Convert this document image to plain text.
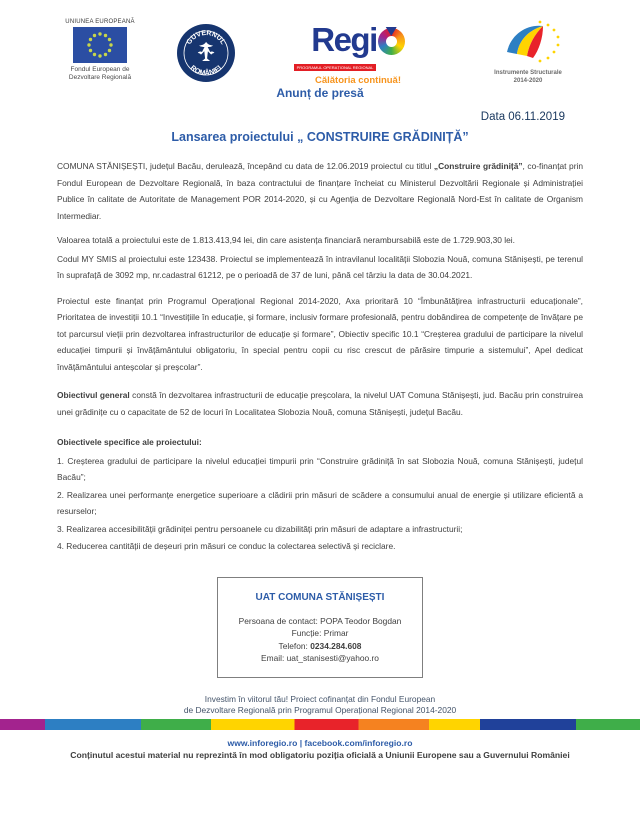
UNIUNEA EUROPEANĂ
Fondul European de
Dezvoltare Regională
GUVERNUL
ROMÂNIEI
Regi
PROGRAMUL OPERAȚIONAL REGIONAL
Călătoria continuă!
Instrumente Structurale
2014-2020
Anunț de presă
Data 06.11.2019
Lansarea proiectului „ CONSTRUIRE GRĂDINIȚĂ”

COMUNA STĂNIȘEȘTI, județul Bacău, derulează, începând cu data de 12.06.2019 proiectul cu titlul „Construire grădiniță”, co-finanțat prin Fondul European de Dezvoltare Regională, în baza contractului de finanțare încheiat cu Ministerul Dezvoltării Regionale și Administrației Publice în calitate de Autoritate de Management POR 2014-2020, și cu Agenția de Dezvoltare Regională Nord-Est în calitate de Organism Intermediar.

Valoarea totală a proiectului este de 1.813.413,94 lei, din care asistența financiară nerambursabilă este de 1.729.903,30 lei.

Codul MY SMIS al proiectului este 123438. Proiectul se implementează în intravilanul localității Slobozia Nouă, comuna Stănișești, pe terenul în suprafață de 3092 mp, nr.cadastral 61212, pe o perioadă de 37 de luni, până cel târziu la data de 30.04.2021.

Proiectul este finanțat prin Programul Operațional Regional 2014-2020, Axa prioritară 10 “Îmbunătățirea infrastructurii educaționale”, Prioritatea de investiții 10.1 “Investițiile în educație, și formare, inclusiv formare profesională, pentru dobândirea de competențe de învățare pe tot parcursul vieții prin dezvoltarea infrastructurilor de educație și formare”, Obiectiv specific 10.1 “Creșterea gradului de participare la nivelul educației timpurii și învățământului obligatoriu, în special pentru copii cu risc crescut de părăsire timpurie a sistemului”, Apel dedicat învățământului anteșcolar și preșcolar”.

Obiectivul general constă în dezvoltarea infrastructurii de educație preșcolara, la nivelul UAT Comuna Stănișești, jud. Bacău prin construirea unei grădinițe cu o capacitate de 52 de locuri în Localitatea Slobozia Nouă, comuna Stănișești, județul Bacău.

Obiectivele specifice ale proiectului:

1. Creșterea gradului de participare la nivelul educației timpurii prin “Construire grădiniță în sat Slobozia Nouă, comuna Stănișești, județul Bacău”;
2. Realizarea unei performanțe energetice superioare a clădirii prin măsuri de scădere a consumului anual de energie și utilizare eficientă a resurselor;
3. Realizarea accesibilității grădiniței pentru persoanele cu dizabilități prin măsuri de adaptare a infrastructurii;
4. Reducerea cantității de deșeuri prin măsuri ce conduc la colectarea selectivă și reciclare.
UAT COMUNA STĂNIȘEȘTI
Persoana de contact: POPA Teodor Bogdan
Funcție: Primar
Telefon: 0234.284.608
Email: uat_stanisesti@yahoo.ro
Investim în viitorul tău! Proiect cofinanțat din Fondul European
de Dezvoltare Regională prin Programul Operațional Regional 2014-2020
www.inforegio.ro | facebook.com/inforegio.ro
Conținutul acestui material nu reprezintă în mod obligatoriu poziția oficială a Uniunii Europene sau a Guvernului României
